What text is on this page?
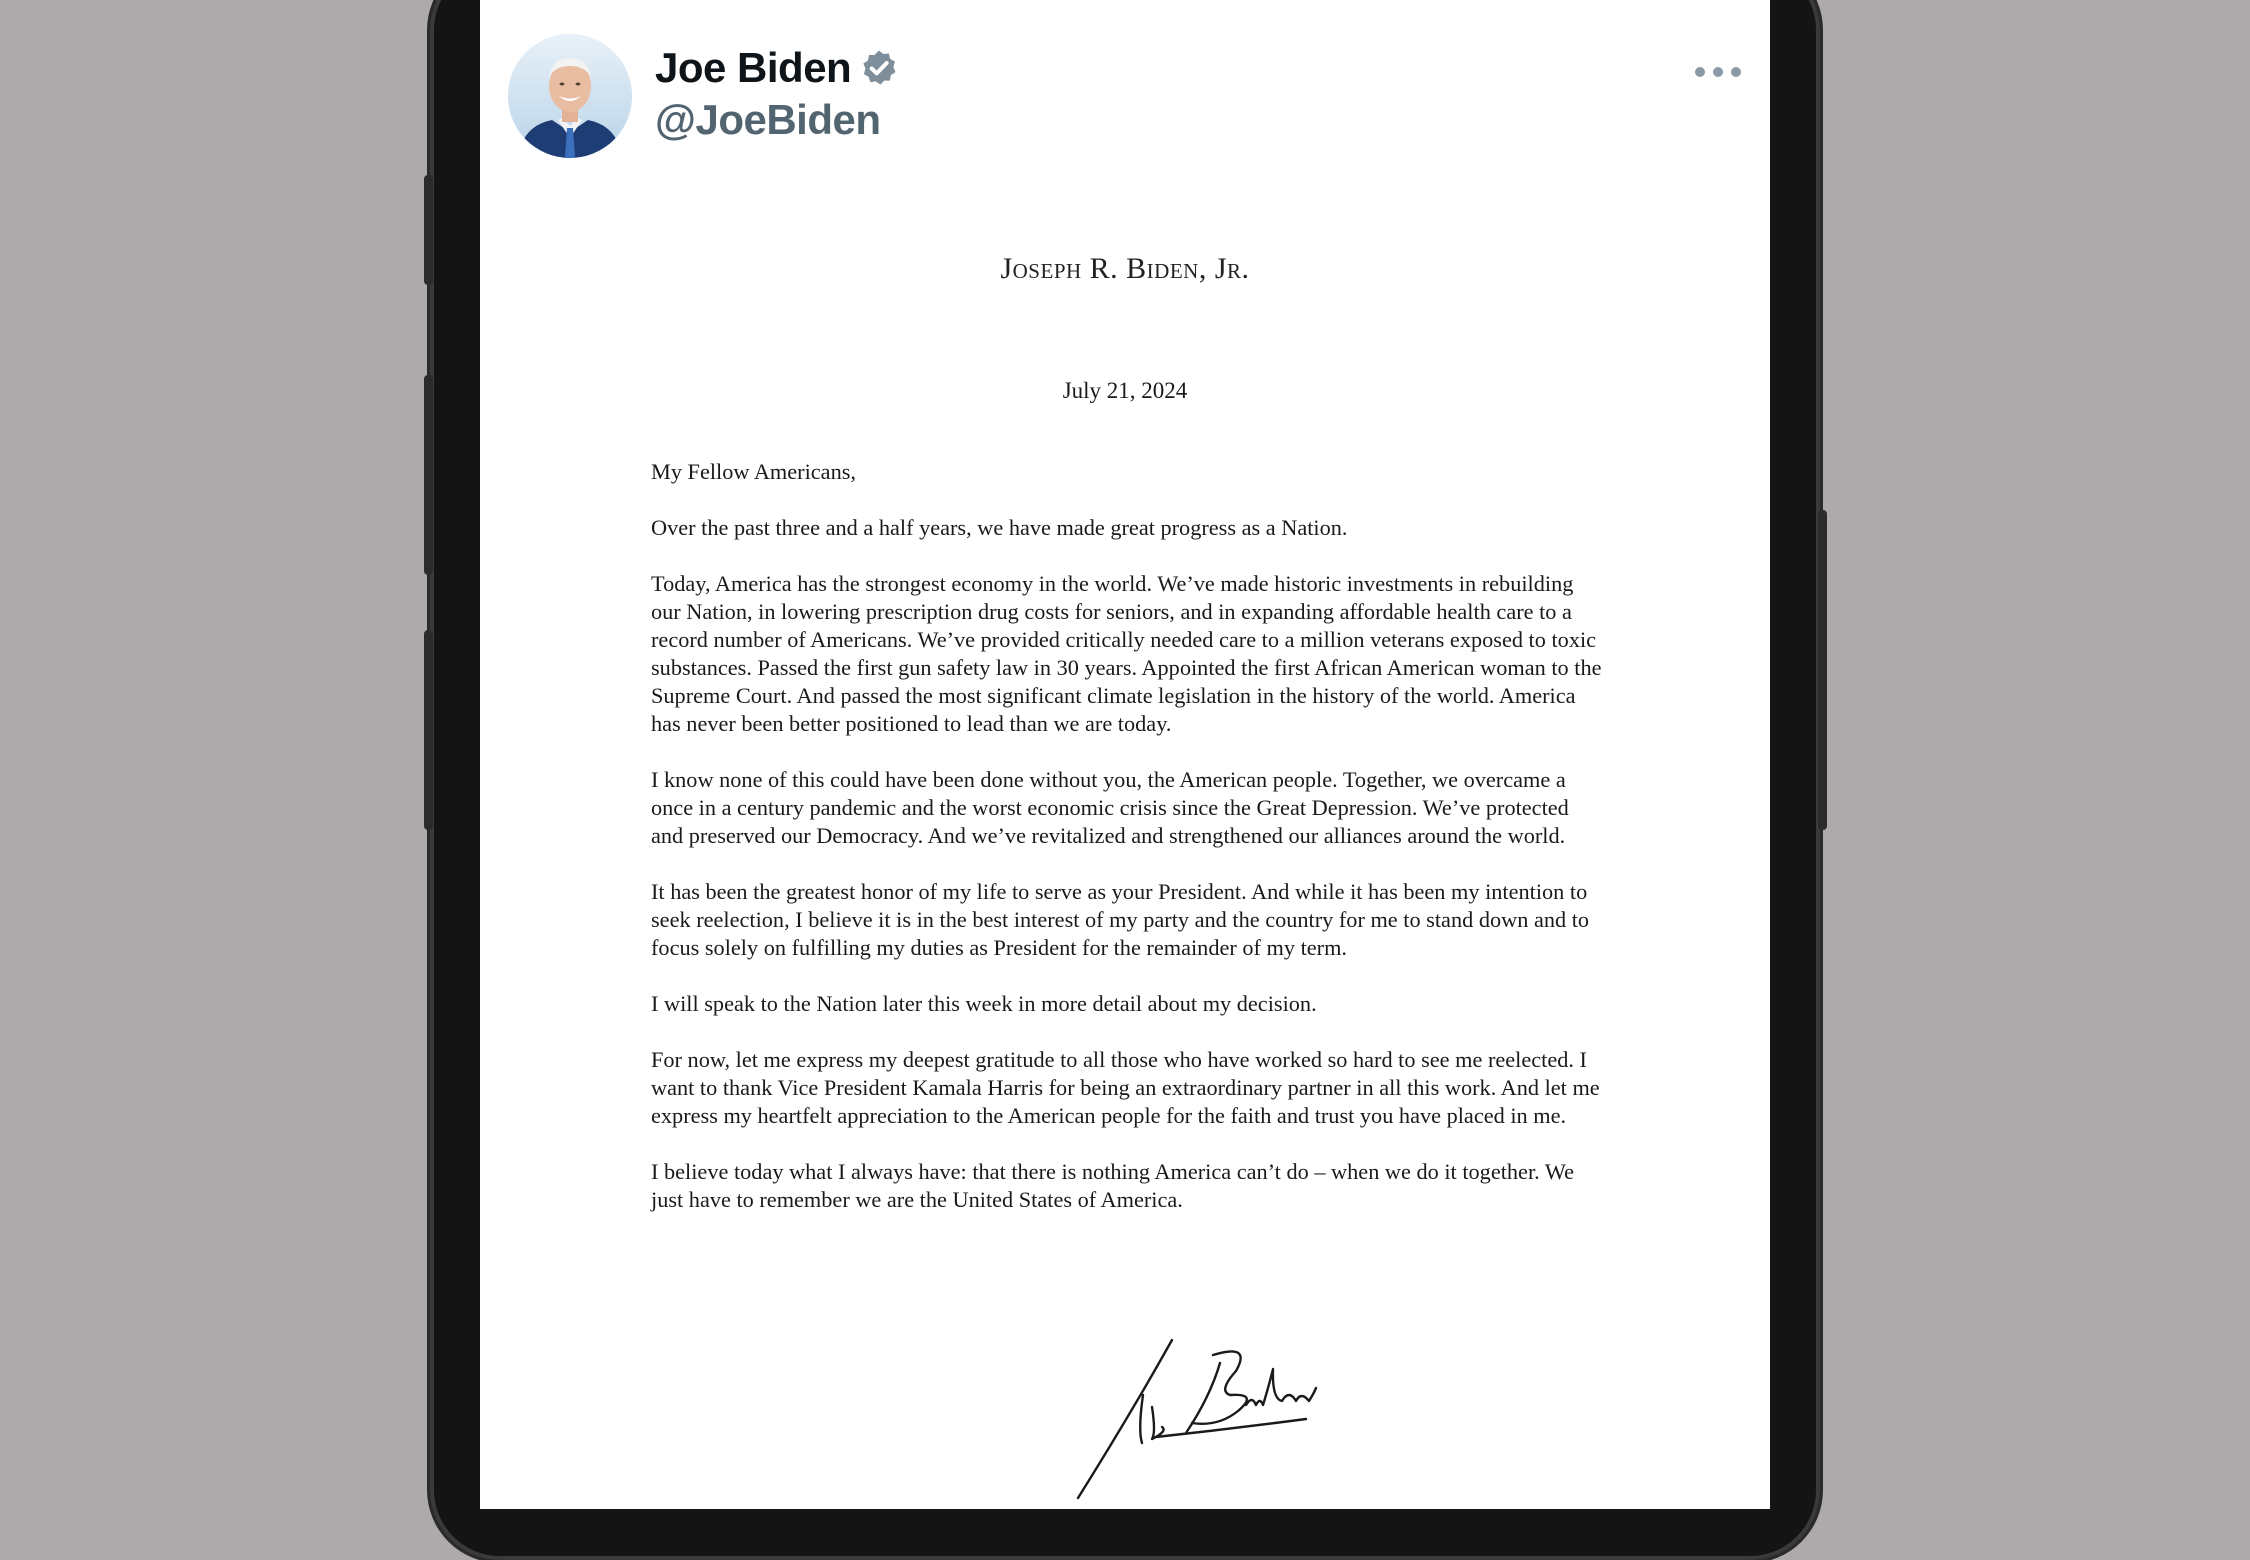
Joe Biden
@JoeBiden
Joseph R. Biden, Jr.
July 21, 2024

My Fellow Americans,

Over the past three and a half years, we have made great progress as a Nation.

Today, America has the strongest economy in the world. We’ve made historic investments in rebuilding our Nation, in lowering prescription drug costs for seniors, and in expanding affordable health care to a record number of Americans. We’ve provided critically needed care to a million veterans exposed to toxic substances. Passed the first gun safety law in 30 years. Appointed the first African American woman to the Supreme Court. And passed the most significant climate legislation in the history of the world. America has never been better positioned to lead than we are today.

I know none of this could have been done without you, the American people. Together, we overcame a once in a century pandemic and the worst economic crisis since the Great Depression. We’ve protected and preserved our Democracy. And we’ve revitalized and strengthened our alliances around the world.

It has been the greatest honor of my life to serve as your President. And while it has been my intention to seek reelection, I believe it is in the best interest of my party and the country for me to stand down and to focus solely on fulfilling my duties as President for the remainder of my term.

I will speak to the Nation later this week in more detail about my decision.

For now, let me express my deepest gratitude to all those who have worked so hard to see me reelected. I want to thank Vice President Kamala Harris for being an extraordinary partner in all this work. And let me express my heartfelt appreciation to the American people for the faith and trust you have placed in me.

I believe today what I always have: that there is nothing America can’t do – when we do it together. We just have to remember we are the United States of America.
